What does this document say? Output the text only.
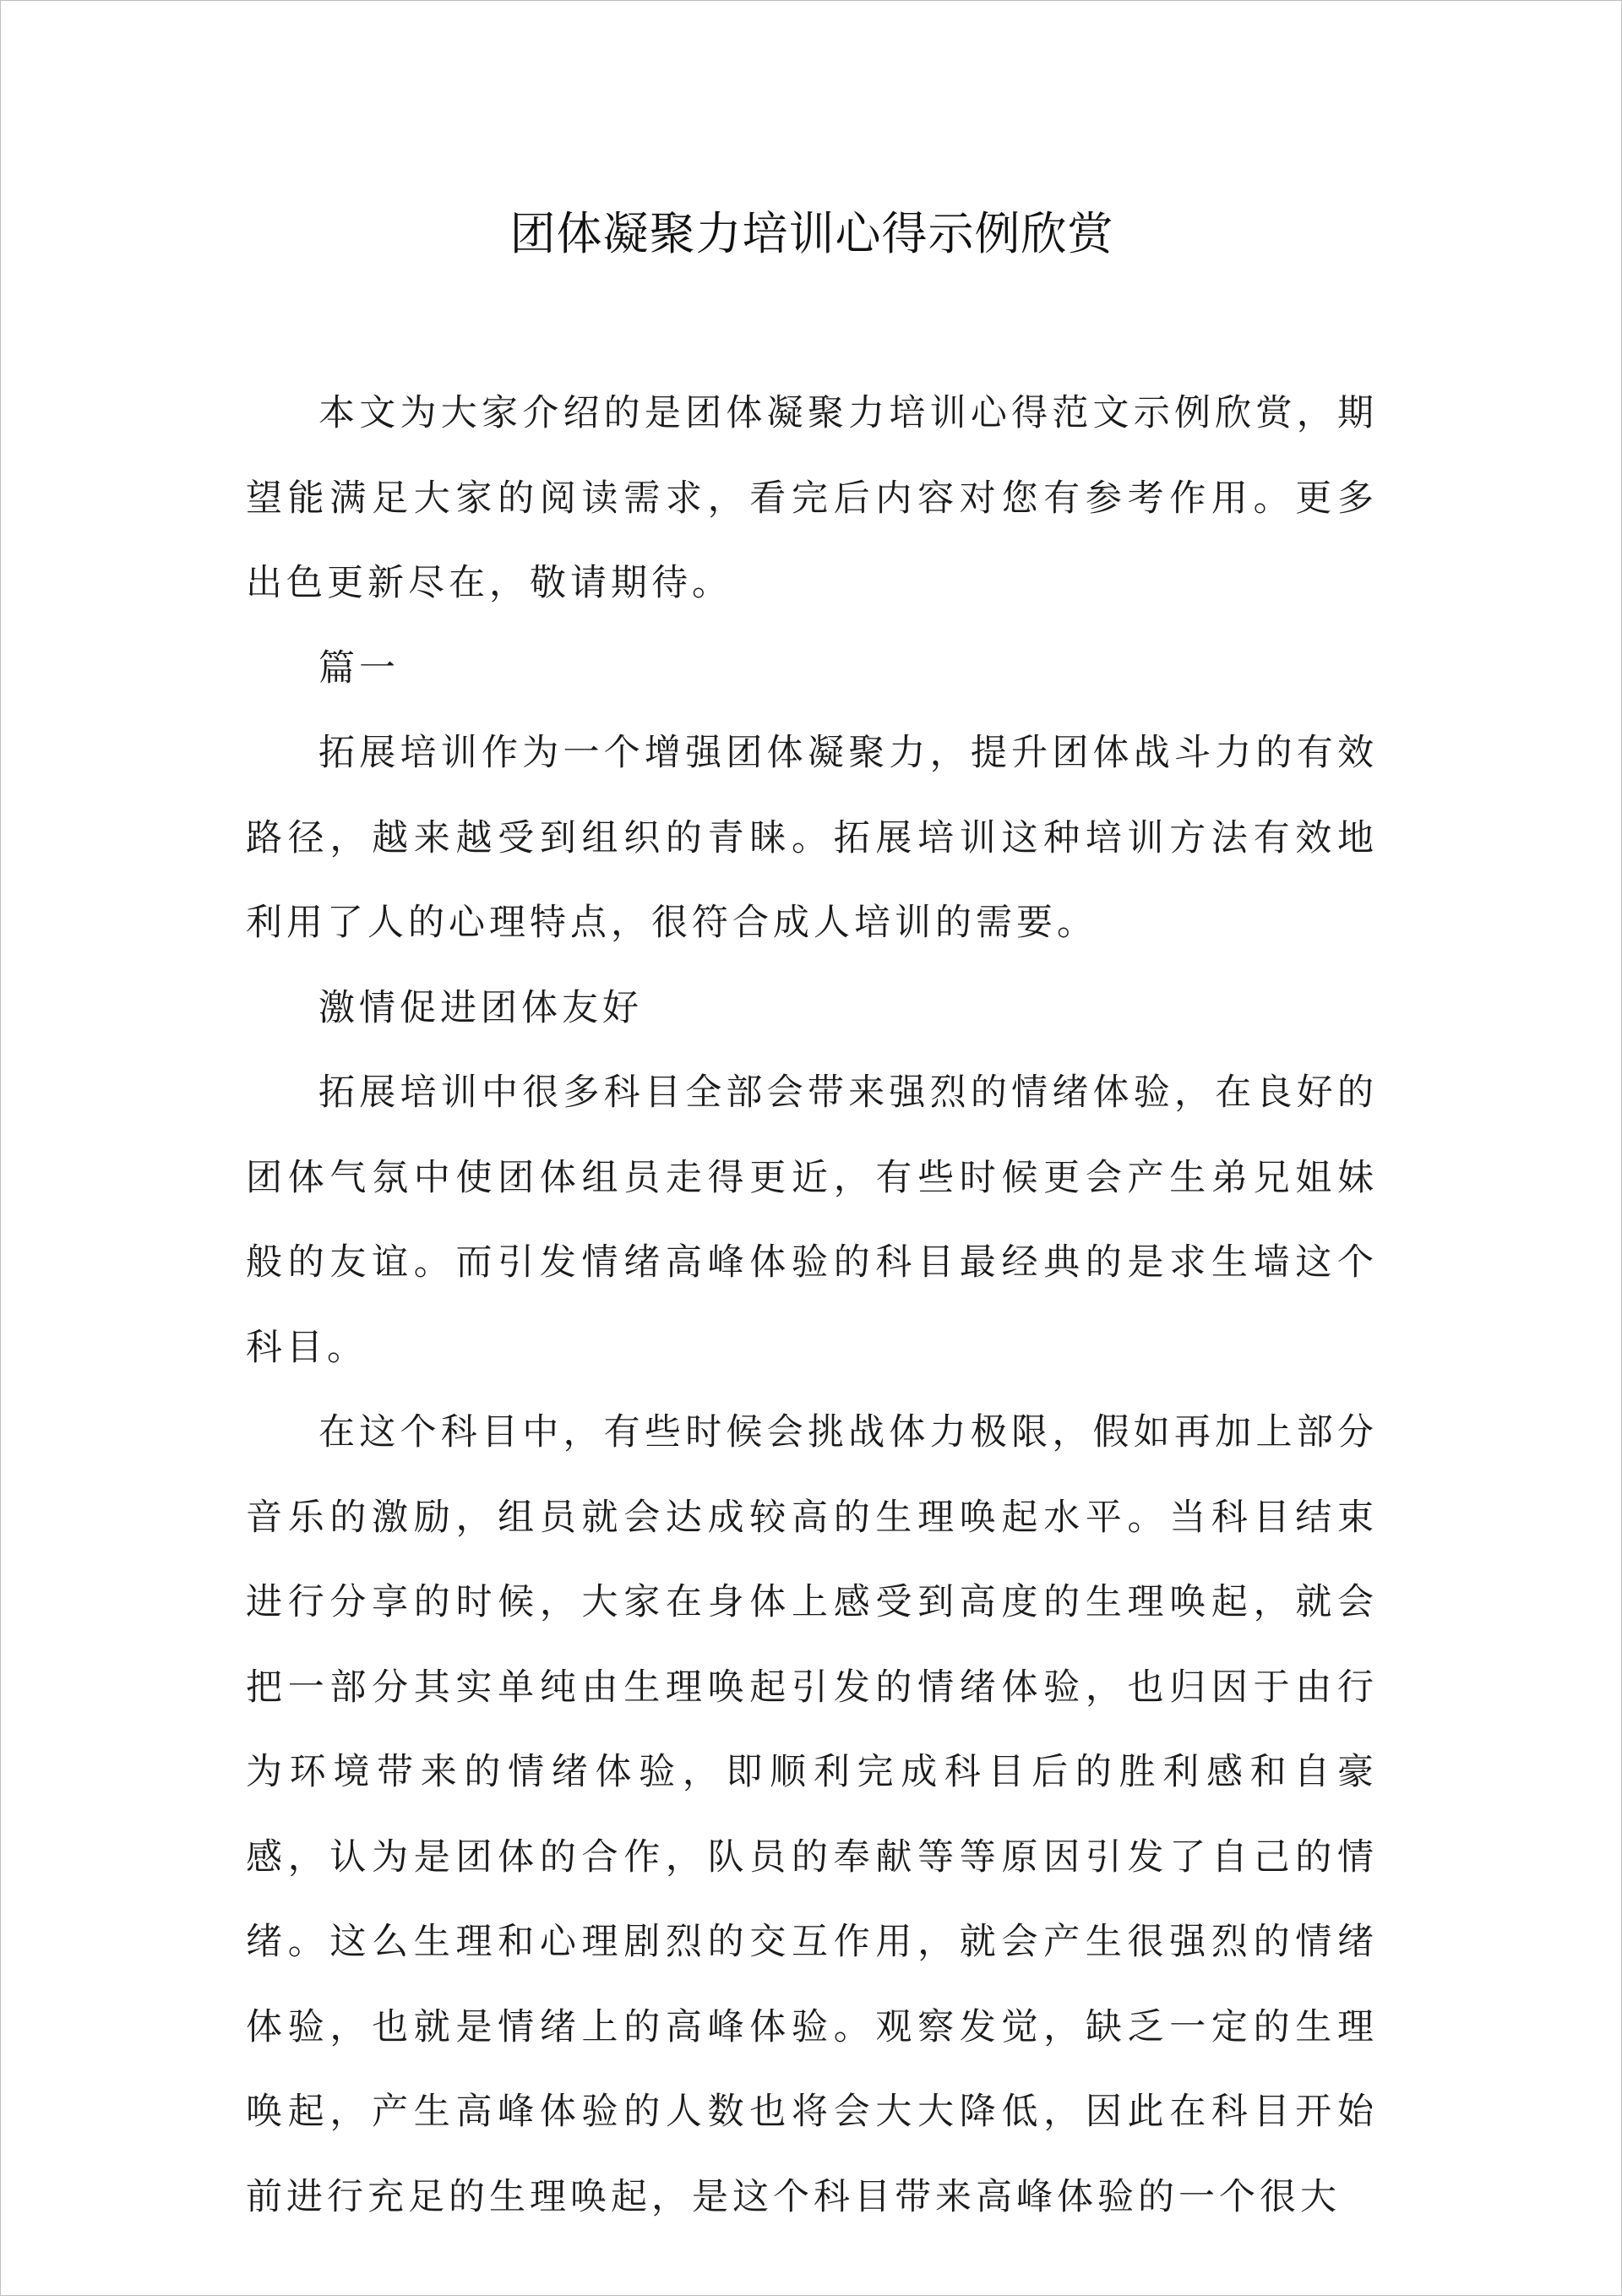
团体凝聚力培训心得示例欣赏

本文为大家介绍的是团体凝聚力培训心得范文示例欣赏，期望能满足大家的阅读需求，看完后内容对您有参考作用。更多出色更新尽在，敬请期待。

篇一

拓展培训作为一个增强团体凝聚力，提升团体战斗力的有效路径，越来越受到组织的青睐。拓展培训这种培训方法有效地利用了人的心理特点，很符合成人培训的需要。

激情促进团体友好

拓展培训中很多科目全部会带来强烈的情绪体验，在良好的团体气氛中使团体组员走得更近，有些时候更会产生弟兄姐妹般的友谊。而引发情绪高峰体验的科目最经典的是求生墙这个科目。

在这个科目中，有些时候会挑战体力极限，假如再加上部分音乐的激励，组员就会达成较高的生理唤起水平。当科目结束进行分享的时候，大家在身体上感受到高度的生理唤起，就会把一部分其实单纯由生理唤起引发的情绪体验，也归因于由行为环境带来的情绪体验，即顺利完成科目后的胜利感和自豪感，认为是团体的合作，队员的奉献等等原因引发了自己的情绪。这么生理和心理剧烈的交互作用，就会产生很强烈的情绪体验，也就是情绪上的高峰体验。观察发觉，缺乏一定的生理唤起，产生高峰体验的人数也将会大大降低，因此在科目开始前进行充足的生理唤起，是这个科目带来高峰体验的一个很大
